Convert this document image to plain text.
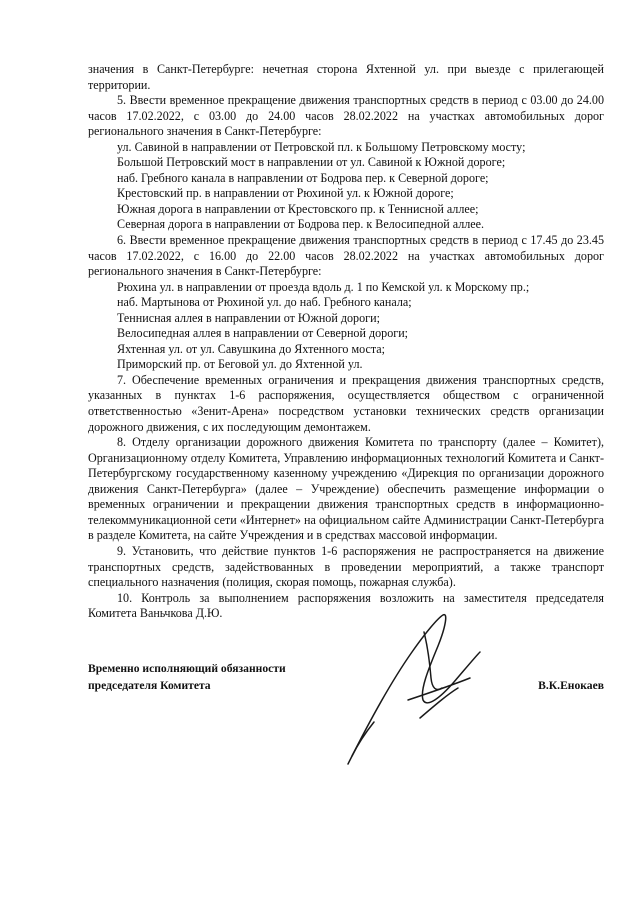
значения в Санкт-Петербурге: нечетная сторона Яхтенной ул. при выезде с прилегающей территории.

5. Ввести временное прекращение движения транспортных средств в период с 03.00 до 24.00 часов 17.02.2022, с 03.00 до 24.00 часов 28.02.2022 на участках автомобильных дорог регионального значения в Санкт-Петербурге:

ул. Савиной в направлении от Петровской пл. к Большому Петровскому мосту;

Большой Петровский мост в направлении от ул. Савиной к Южной дороге;

наб. Гребного канала в направлении от Бодрова пер. к Северной дороге;

Крестовский пр. в направлении от Рюхиной ул. к Южной дороге;

Южная дорога в направлении от Крестовского пр. к Теннисной аллее;

Северная дорога в направлении от Бодрова пер. к Велосипедной аллее.

6. Ввести временное прекращение движения транспортных средств в период с 17.45 до 23.45 часов 17.02.2022, с 16.00 до 22.00 часов 28.02.2022 на участках автомобильных дорог регионального значения в Санкт-Петербурге:

Рюхина ул. в направлении от проезда вдоль д. 1 по Кемской ул. к Морскому пр.;

наб. Мартынова от Рюхиной ул. до наб. Гребного канала;

Теннисная аллея в направлении от Южной дороги;

Велосипедная аллея в направлении от Северной дороги;

Яхтенная ул. от ул. Савушкина до Яхтенного моста;

Приморский пр. от Беговой ул. до Яхтенной ул.

7. Обеспечение временных ограничения и прекращения движения транспортных средств, указанных в пунктах 1-6 распоряжения, осуществляется обществом с ограниченной ответственностью «Зенит-Арена» посредством установки технических средств организации дорожного движения, с их последующим демонтажем.

8. Отделу организации дорожного движения Комитета по транспорту (далее – Комитет), Организационному отделу Комитета, Управлению информационных технологий Комитета и Санкт-Петербургскому государственному казенному учреждению «Дирекция по организации дорожного движения Санкт-Петербурга» (далее – Учреждение) обеспечить размещение информации о временных ограничении и прекращении движения транспортных средств в информационно-телекоммуникационной сети «Интернет» на официальном сайте Администрации Санкт-Петербурга в разделе Комитета, на сайте Учреждения и в средствах массовой информации.

9. Установить, что действие пунктов 1-6 распоряжения не распространяется на движение транспортных средств, задействованных в проведении мероприятий, а также транспорт специального назначения (полиция, скорая помощь, пожарная служба).

10. Контроль за выполнением распоряжения возложить на заместителя председателя Комитета Ваньчкова Д.Ю.

Временно исполняющий обязанности
председателя Комитета	В.К.Енокаев
